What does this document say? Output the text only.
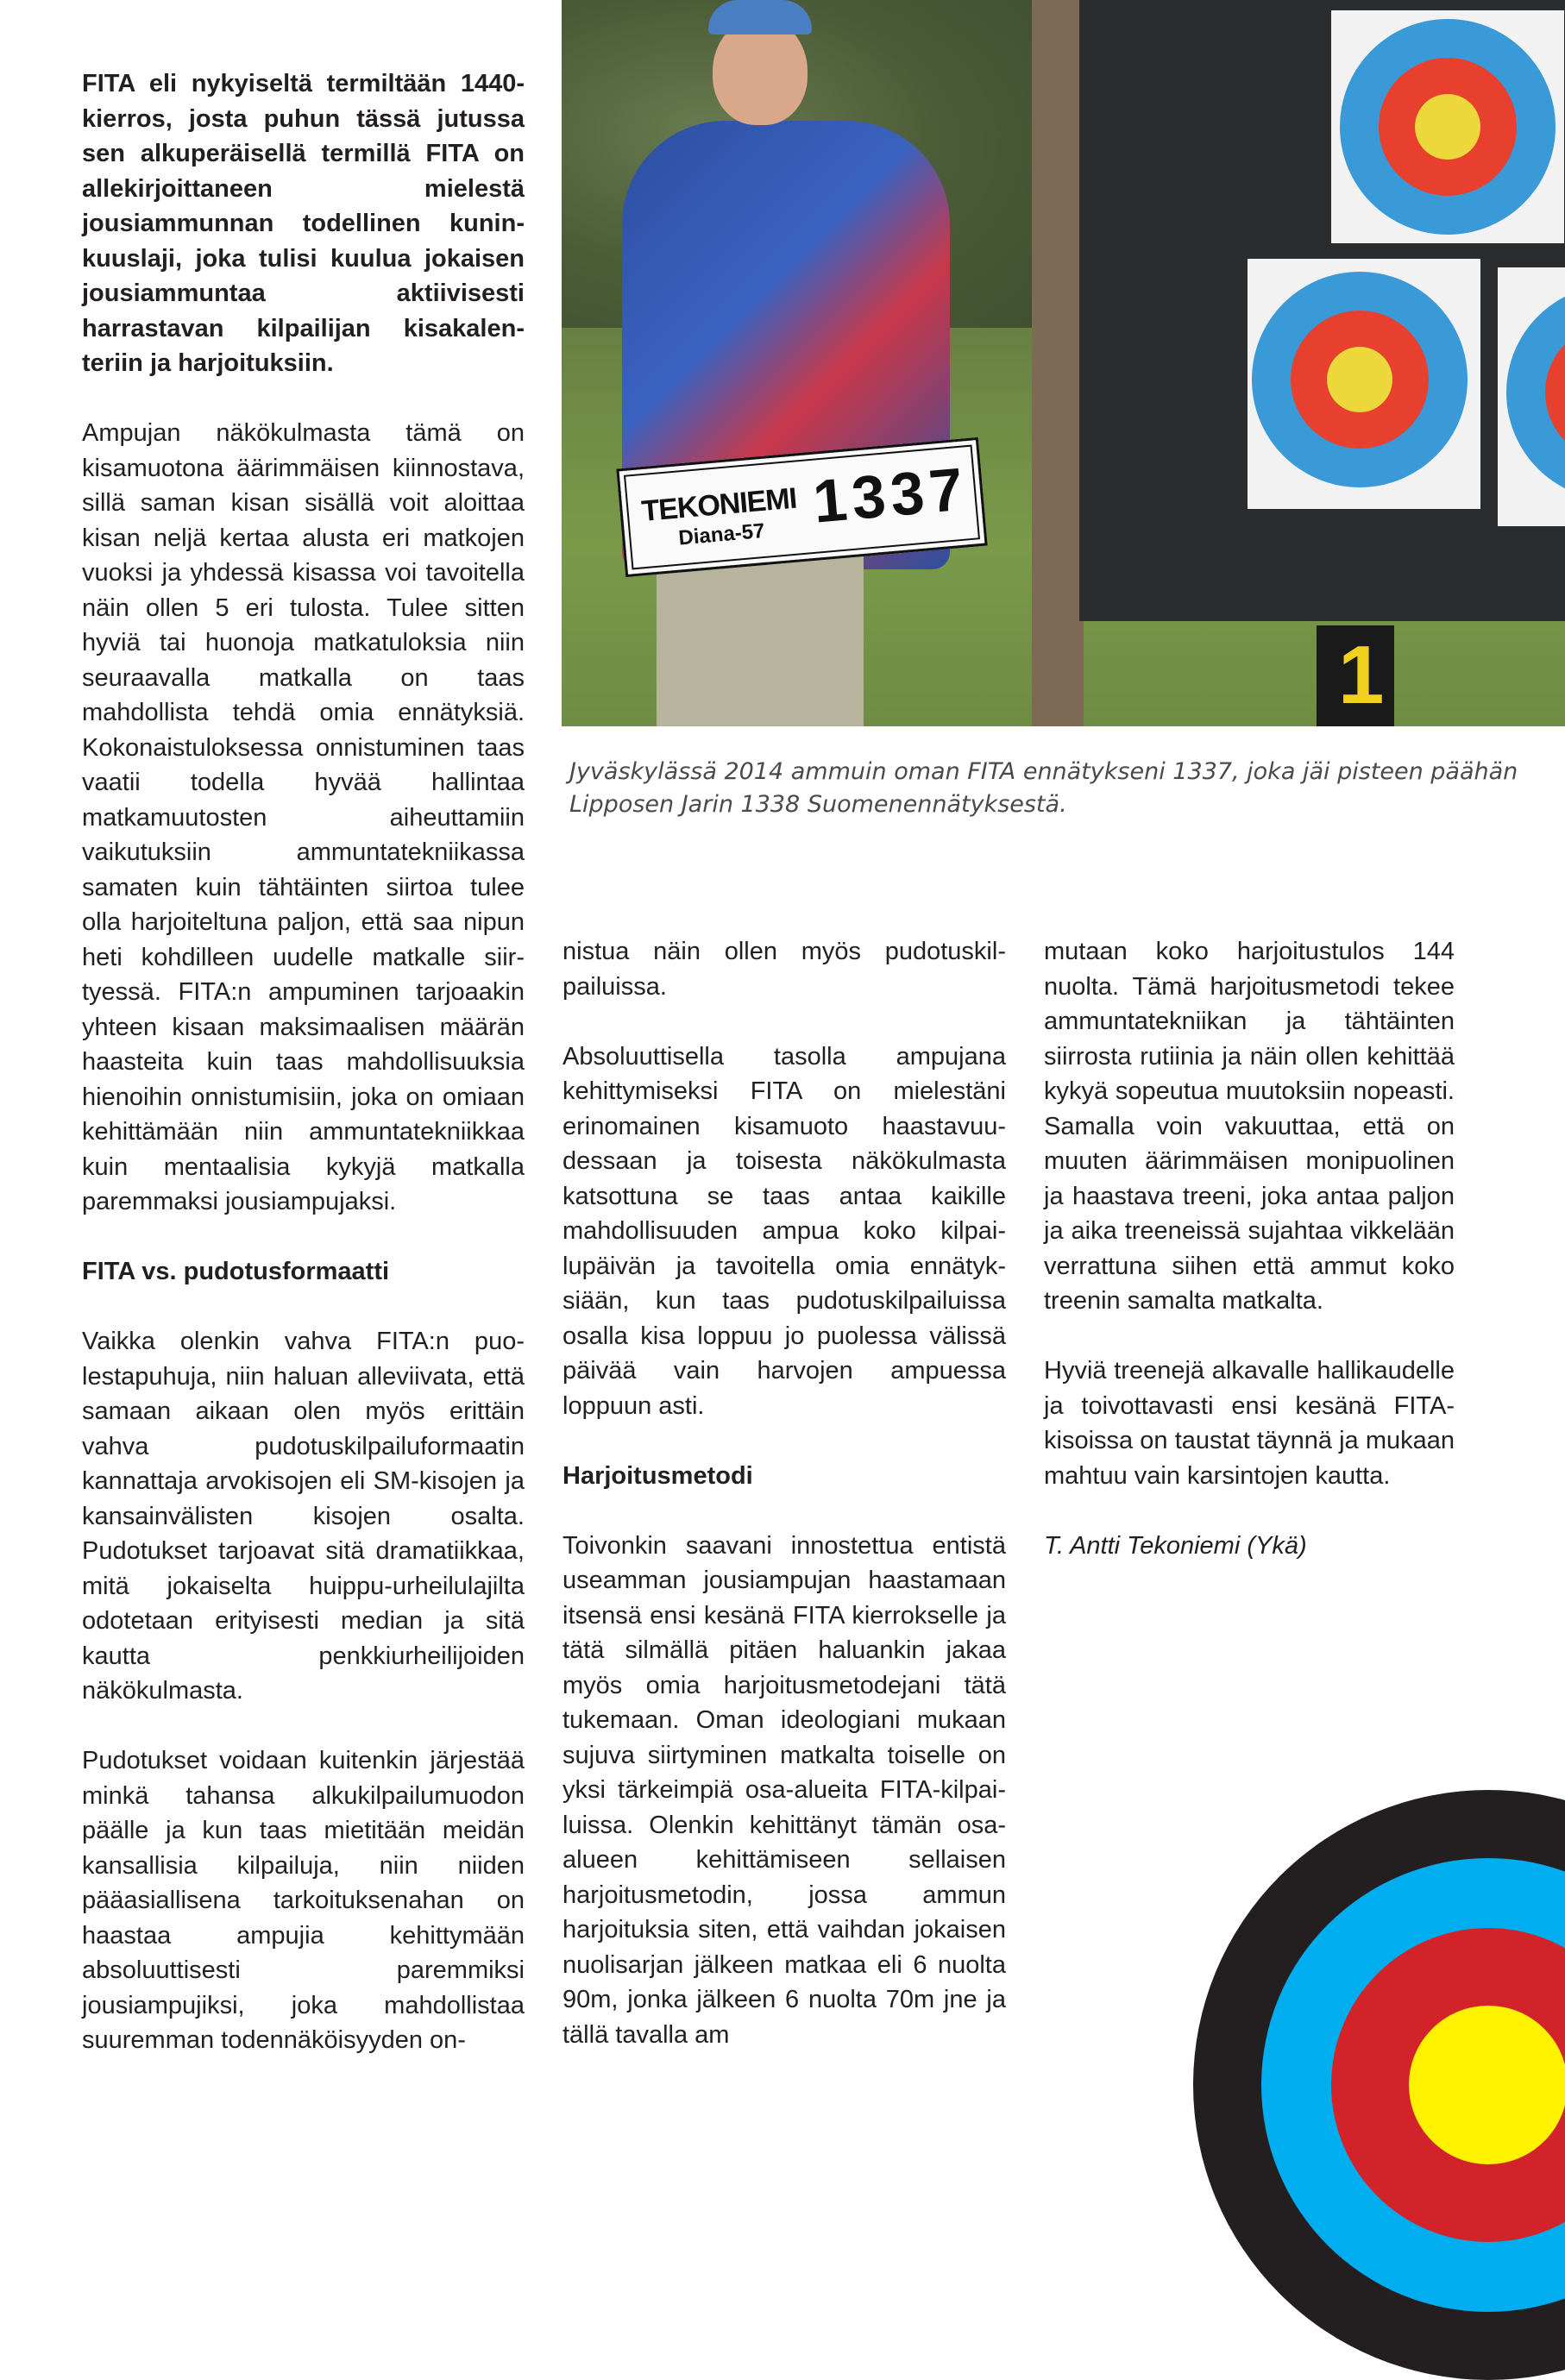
TEKONIEMI
Diana-57 1337
1
Jyväskylässä 2014 ammuin oman FITA ennätykseni 1337, joka jäi pisteen päähän Lipposen Jarin 1338 Suomenennätyksestä.

FITA eli nykyiseltä termiltään 1440-kierros, josta puhun tässä jutussa sen alkuperäisellä termillä FITA on allekirjoittaneen mielestä jousiammunnan todellinen kuninkuuslaji, joka tulisi kuulua jokaisen jousiammuntaa aktiivisesti harrastavan kilpailijan kisakalenteriin ja harjoituksiin.

Ampujan näkökulmasta tämä on kisamuotona äärimmäisen kiinnostava, sillä saman kisan sisällä voit aloittaa kisan neljä kertaa alusta eri matkojen vuoksi ja yhdessä kisassa voi tavoitella näin ollen 5 eri tulosta. Tulee sitten hyviä tai huonoja matkatuloksia niin seuraavalla matkalla on taas mahdollista tehdä omia ennätyksiä. Kokonaistuloksessa onnistuminen taas vaatii todella hyvää hallintaa matkamuutosten aiheuttamiin vaikutuksiin ammuntatekniikassa samaten kuin tähtäinten siirtoa tulee olla harjoiteltuna paljon, että saa nipun heti kohdilleen uudelle matkalle siirtyessä. FITA:n ampuminen tarjoaakin yhteen kisaan maksimaalisen määrän haasteita kuin taas mahdollisuuksia hienoihin onnistumisiin, joka on omiaan kehittämään niin ammuntatekniikkaa kuin mentaalisia kykyjä matkalla paremmaksi jousiampujaksi.

FITA vs. pudotusformaatti

Vaikka olenkin vahva FITA:n puolestapuhuja, niin haluan alleviivata, että samaan aikaan olen myös erittäin vahva pudotuskilpailuformaatin kannattaja arvokisojen eli SM-kisojen ja kansainvälisten kisojen osalta. Pudotukset tarjoavat sitä dramatiikkaa, mitä jokaiselta huippu-urheilulajilta odotetaan erityisesti median ja sitä kautta penkkiurheilijoiden näkökulmasta.

Pudotukset voidaan kuitenkin järjestää minkä tahansa alkukilpailumuodon päälle ja kun taas mietitään meidän kansallisia kilpailuja, niin niiden pääasiallisena tarkoituksenahan on haastaa ampujia kehittymään absoluuttisesti paremmiksi jousiampujiksi, joka mahdollistaa suuremman todennäköisyyden on-

nistua näin ollen myös pudotuskilpailuissa.

Absoluuttisella tasolla ampujana kehittymiseksi FITA on mielestäni erinomainen kisamuoto haastavuudessaan ja toisesta näkökulmasta katsottuna se taas antaa kaikille mahdollisuuden ampua koko kilpailupäivän ja tavoitella omia ennätyksiään, kun taas pudotuskilpailuissa osalla kisa loppuu jo puolessa välissä päivää vain harvojen ampuessa loppuun asti.

Harjoitusmetodi

Toivonkin saavani innostettua entistä useamman jousiampujan haastamaan itsensä ensi kesänä FITA kierrokselle ja tätä silmällä pitäen haluankin jakaa myös omia harjoitusmetodejani tätä tukemaan. Oman ideologiani mukaan sujuva siirtyminen matkalta toiselle on yksi tärkeimpiä osa-alueita FITA-kilpailuissa. Olenkin kehittänyt tämän osa-alueen kehittämiseen sellaisen harjoitusmetodin, jossa ammun harjoituksia siten, että vaihdan jokaisen nuolisarjan jälkeen matkaa eli 6 nuolta 90m, jonka jälkeen 6 nuolta 70m jne ja tällä tavalla am

mutaan koko harjoitustulos 144 nuolta. Tämä harjoitusmetodi tekee ammuntatekniikan ja tähtäinten siirrosta rutiinia ja näin ollen kehittää kykyä sopeutua muutoksiin nopeasti. Samalla voin vakuuttaa, että on muuten äärimmäisen monipuolinen ja haastava treeni, joka antaa paljon ja aika treeneissä sujahtaa vikkelään verrattuna siihen että ammut koko treenin samalta matkalta.

Hyviä treenejä alkavalle hallikaudelle ja toivottavasti ensi kesänä FITA-kisoissa on taustat täynnä ja mukaan mahtuu vain karsintojen kautta.

T. Antti Tekoniemi (Ykä)
